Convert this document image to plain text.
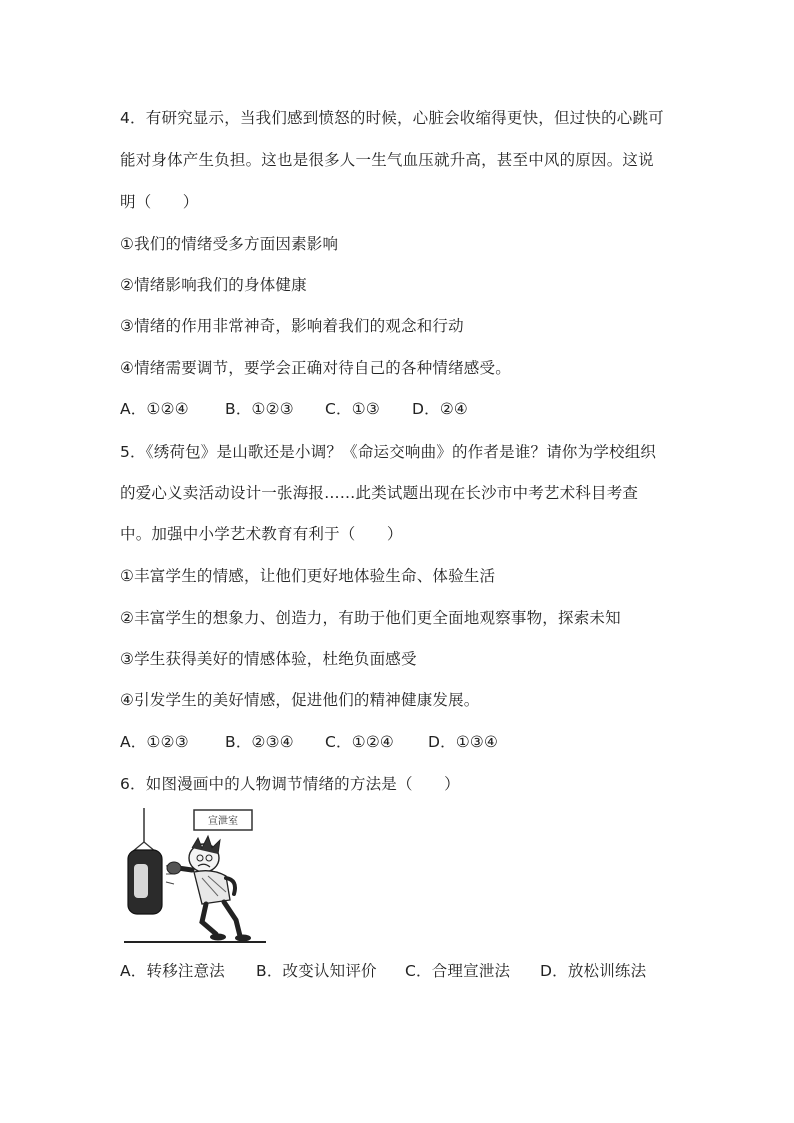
4．有研究显示，当我们感到愤怒的时候，心脏会收缩得更快，但过快的心跳可
能对身体产生负担。这也是很多人一生气血压就升高，甚至中风的原因。这说
明（　　）
①我们的情绪受多方面因素影响
②情绪影响我们的身体健康
③情绪的作用非常神奇，影响着我们的观念和行动
④情绪需要调节，要学会正确对待自己的各种情绪感受。
A．①②④ B．①②③ C．①③ D．②④
5．《绣荷包》是山歌还是小调？《命运交响曲》的作者是谁？请你为学校组织
的爱心义卖活动设计一张海报……此类试题出现在长沙市中考艺术科目考查
中。加强中小学艺术教育有利于（　　）
①丰富学生的情感，让他们更好地体验生命、体验生活
②丰富学生的想象力、创造力，有助于他们更全面地观察事物，探索未知
③学生获得美好的情感体验，杜绝负面感受
④引发学生的美好情感，促进他们的精神健康发展。
A．①②③ B．②③④ C．①②④ D．①③④
6．如图漫画中的人物调节情绪的方法是（　　）
宣泄室
A．转移注意法 B．改变认知评价 C．合理宣泄法 D．放松训练法
